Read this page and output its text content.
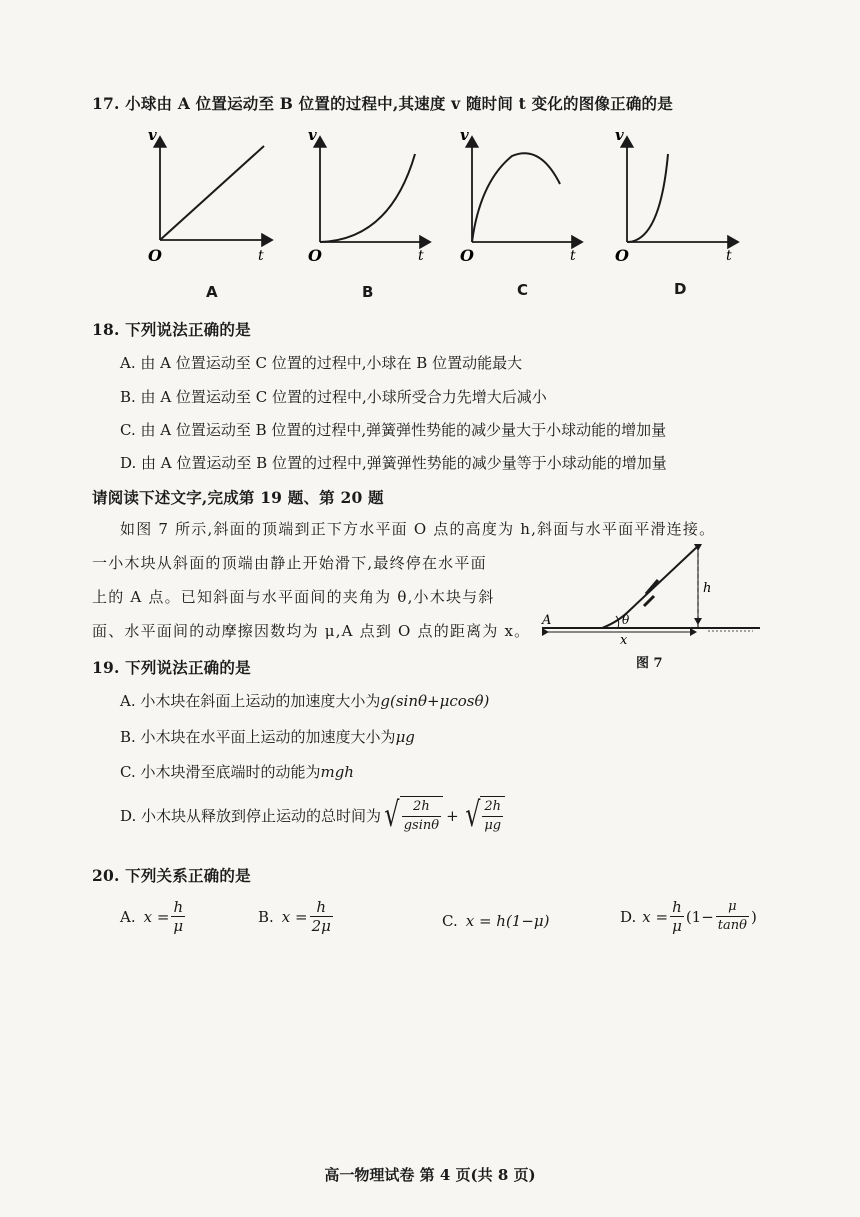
17. 小球由 A 位置运动至 B 位置的过程中,其速度 v 随时间 t 变化的图像正确的是
v
t
O
v
t
O
v
t
O
v
t
O
A	B	C	D
18. 下列说法正确的是
A. 由 A 位置运动至 C 位置的过程中,小球在 B 位置动能最大
B. 由 A 位置运动至 C 位置的过程中,小球所受合力先增大后减小
C. 由 A 位置运动至 B 位置的过程中,弹簧弹性势能的减少量大于小球动能的增加量
D. 由 A 位置运动至 B 位置的过程中,弹簧弹性势能的减少量等于小球动能的增加量
请阅读下述文字,完成第 19 题、第 20 题
如图 7 所示,斜面的顶端到正下方水平面 O 点的高度为 h,斜面与水平面平滑连接。
一小木块从斜面的顶端由静止开始滑下,最终停在水平面
上的 A 点。已知斜面与水平面间的夹角为 θ,小木块与斜
面、水平面间的动摩擦因数均为 μ,A 点到 O 点的距离为 x。
A
x
h
θ
图 7
19. 下列说法正确的是
A. 小木块在斜面上运动的加速度大小为g(sinθ+μcosθ)
B. 小木块在水平面上运动的加速度大小为μg
C. 小木块滑至底端时的动能为mgh
D. 小木块从释放到停止运动的总时间为 √ $\frac{2h}{gsin\theta}$ + √ $\frac{2h}{\mu g}$
20. 下列关系正确的是
A. $x = \frac{h}{\mu}$	B. $x = \frac{h}{2\mu}$	C. x = h(1−μ)	D. $x = \frac{h}{\mu} (1- \frac{\mu}{\tan\theta}$ )
高一物理试卷 第 4 页(共 8 页)
